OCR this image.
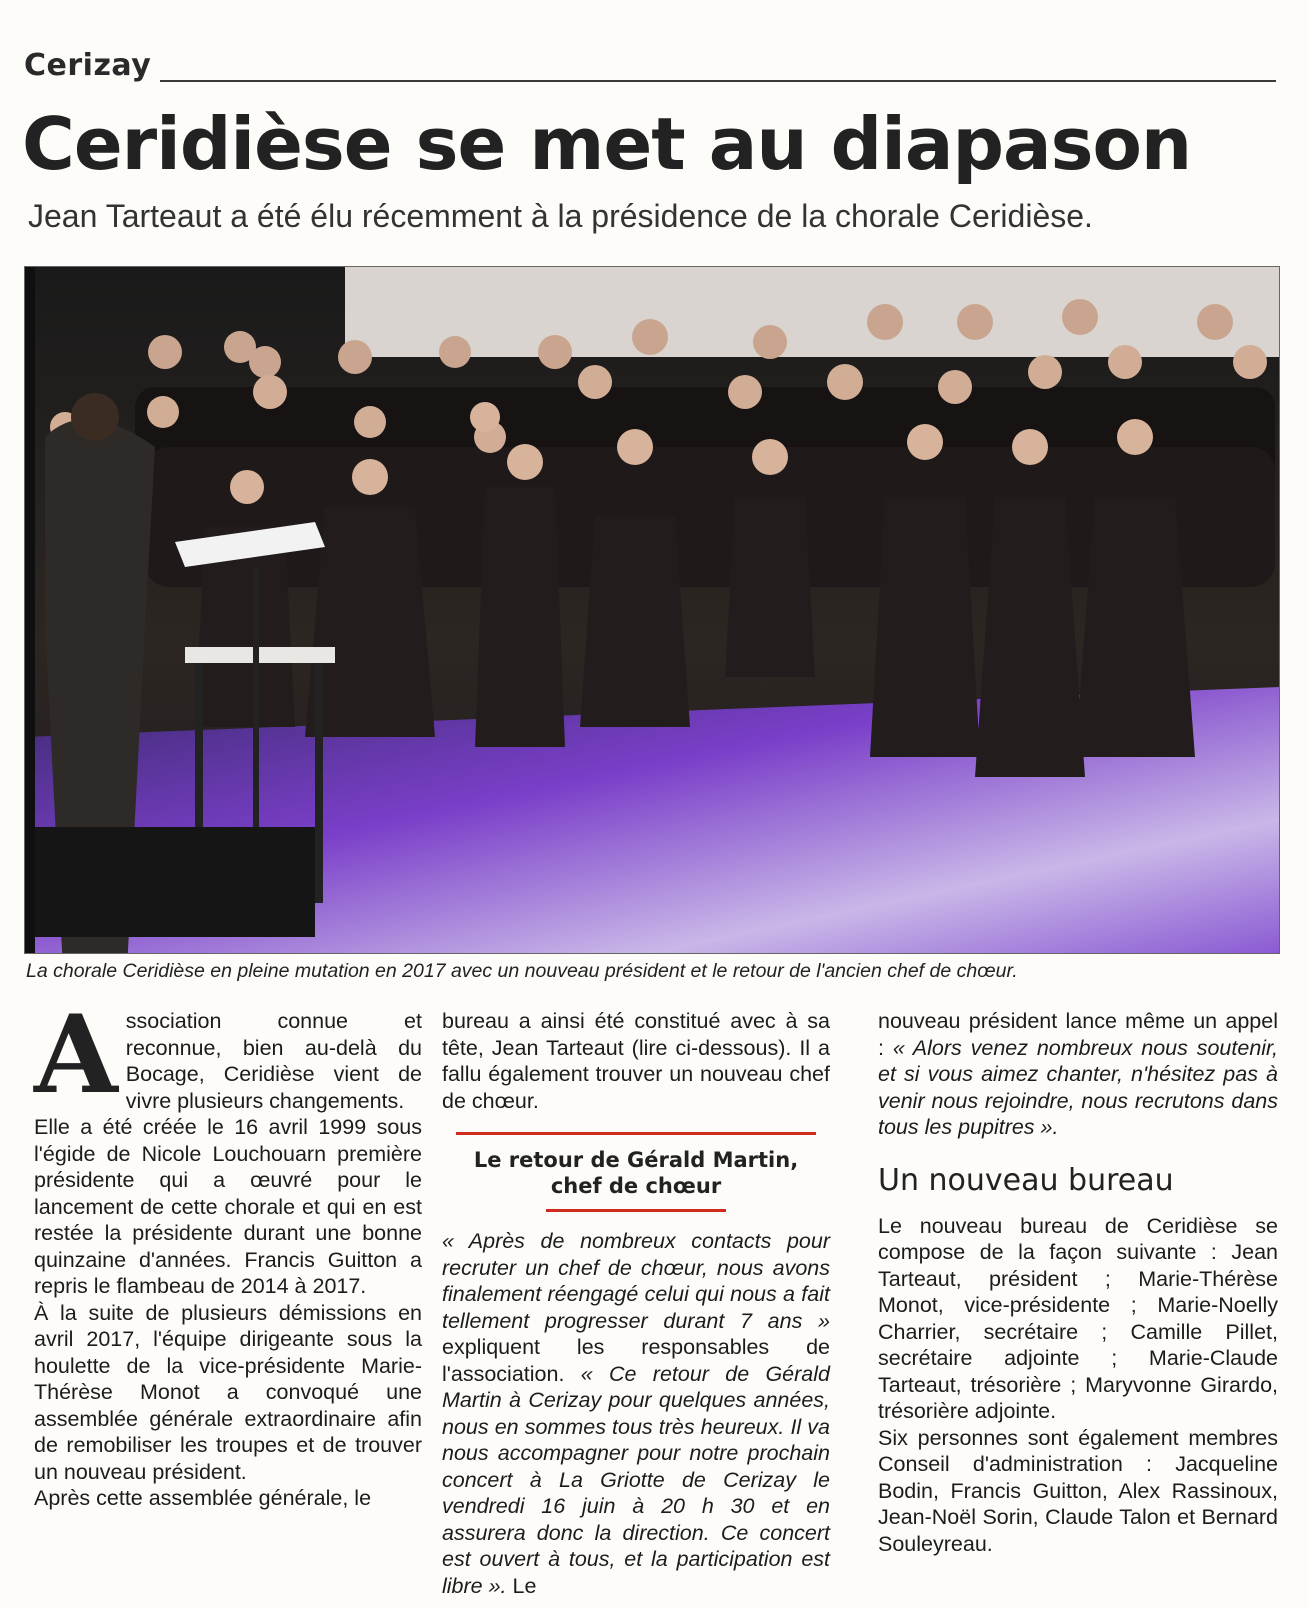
Cerizay
Ceridièse se met au diapason
Jean Tarteaut a été élu récemment à la présidence de la chorale Ceridièse.
La chorale Ceridièse en pleine mutation en 2017 avec un nouveau président et le retour de l'ancien chef de chœur.

Association connue et reconnue, bien au-delà du Bocage, Ceridièse vient de vivre plusieurs changements.

Elle a été créée le 16 avril 1999 sous l'égide de Nicole Louchouarn première présidente qui a œuvré pour le lancement de cette chorale et qui en est restée la présidente durant une bonne quinzaine d'années. Francis Guitton a repris le flambeau de 2014 à 2017.

À la suite de plusieurs démissions en avril 2017, l'équipe dirigeante sous la houlette de la vice-présidente Marie-Thérèse Monot a convoqué une assemblée générale extraordinaire afin de remobiliser les troupes et de trouver un nouveau président.

Après cette assemblée générale, le

bureau a ainsi été constitué avec à sa tête, Jean Tarteaut (lire ci-dessous). Il a fallu également trouver un nouveau chef de chœur.

Le retour de Gérald Martin,
chef de chœur

« Après de nombreux contacts pour recruter un chef de chœur, nous avons finalement réengagé celui qui nous a fait tellement progresser durant 7 ans » expliquent les responsables de l'association. « Ce retour de Gérald Martin à Cerizay pour quelques années, nous en sommes tous très heureux. Il va nous accompagner pour notre prochain concert à La Griotte de Cerizay le vendredi 16 juin à 20 h 30 et en assurera donc la direction. Ce concert est ouvert à tous, et la participation est libre ». Le

nouveau président lance même un appel : « Alors venez nombreux nous soutenir, et si vous aimez chanter, n'hésitez pas à venir nous rejoindre, nous recrutons dans tous les pupitres ».

Un nouveau bureau

Le nouveau bureau de Ceridièse se compose de la façon suivante : Jean Tarteaut, président ; Marie-Thérèse Monot, vice-présidente ; Marie-Noelly Charrier, secrétaire ; Camille Pillet, secrétaire adjointe ; Marie-Claude Tarteaut, trésorière ; Maryvonne Girardo, trésorière adjointe.

Six personnes sont également membres Conseil d'administration : Jacqueline Bodin, Francis Guitton, Alex Rassinoux, Jean-Noël Sorin, Claude Talon et Bernard Souleyreau.
